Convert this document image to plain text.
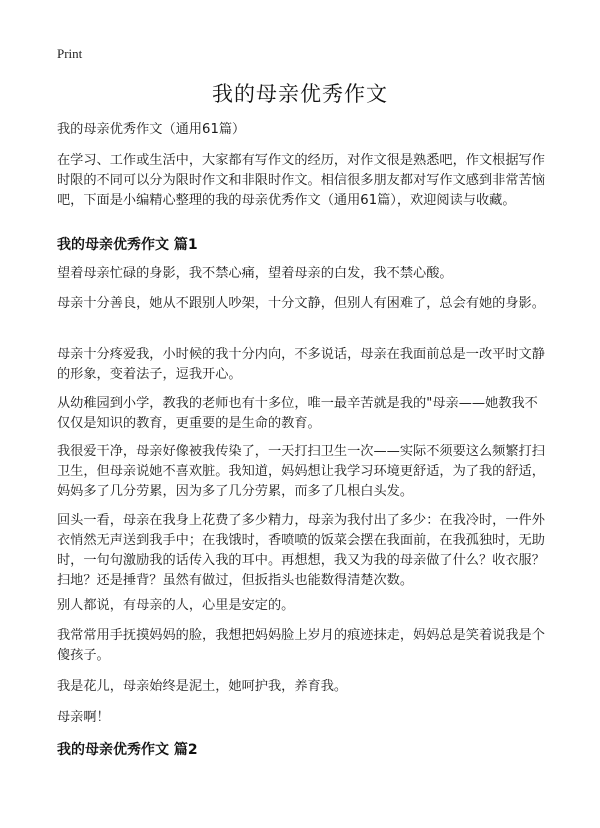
Print
我的母亲优秀作文

我的母亲优秀作文（通用61篇）

在学习、工作或生活中，大家都有写作文的经历，对作文很是熟悉吧，作文根据写作时限的不同可以分为限时作文和非限时作文。相信很多朋友都对写作文感到非常苦恼吧，下面是小编精心整理的我的母亲优秀作文（通用61篇），欢迎阅读与收藏。

我的母亲优秀作文 篇1

望着母亲忙碌的身影，我不禁心痛，望着母亲的白发，我不禁心酸。

母亲十分善良，她从不跟别人吵架，十分文静，但别人有困难了，总会有她的身影。

母亲十分疼爱我，小时候的我十分内向，不多说话，母亲在我面前总是一改平时文静的形象，变着法子，逗我开心。

从幼稚园到小学，教我的老师也有十多位，唯一最辛苦就是我的"母亲——她教我不仅仅是知识的教育，更重要的是生命的教育。

我很爱干净，母亲好像被我传染了，一天打扫卫生一次——实际不须要这么频繁打扫卫生，但母亲说她不喜欢脏。我知道，妈妈想让我学习环境更舒适，为了我的舒适，妈妈多了几分劳累，因为多了几分劳累，而多了几根白头发。

回头一看，母亲在我身上花费了多少精力，母亲为我付出了多少：在我冷时，一件外衣悄然无声送到我手中；在我饿时，香喷喷的饭菜会摆在我面前，在我孤独时，无助时，一句句激励我的话传入我的耳中。再想想，我又为我的母亲做了什么？收衣服？扫地？还是捶背？虽然有做过，但扳指头也能数得清楚次数。

别人都说，有母亲的人，心里是安定的。

我常常用手抚摸妈妈的脸，我想把妈妈脸上岁月的痕迹抹走，妈妈总是笑着说我是个傻孩子。

我是花儿，母亲始终是泥土，她呵护我，养育我。

母亲啊！

我的母亲优秀作文 篇2
